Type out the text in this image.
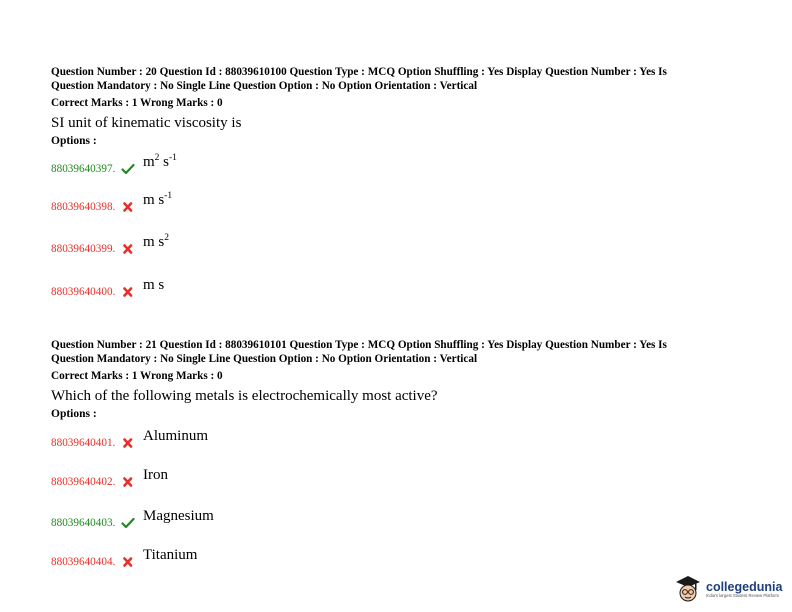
Question Number : 20 Question Id : 88039610100 Question Type : MCQ Option Shuffling : Yes Display Question Number : Yes Is
Question Mandatory : No Single Line Question Option : No Option Orientation : Vertical
Correct Marks : 1 Wrong Marks : 0
SI unit of kinematic viscosity is
Options :
88039640397. $m^2$ $s^{-1}$
88039640398. m $s^{-1}$
88039640399. m $s^2$
88039640400. m s
Question Number : 21 Question Id : 88039610101 Question Type : MCQ Option Shuffling : Yes Display Question Number : Yes Is
Question Mandatory : No Single Line Question Option : No Option Orientation : Vertical
Correct Marks : 1 Wrong Marks : 0
Which of the following metals is electrochemically most active?
Options :
88039640401. Aluminum
88039640402. Iron
88039640403. Magnesium
88039640404. Titanium
collegedunia
India's largest Student Review Platform
